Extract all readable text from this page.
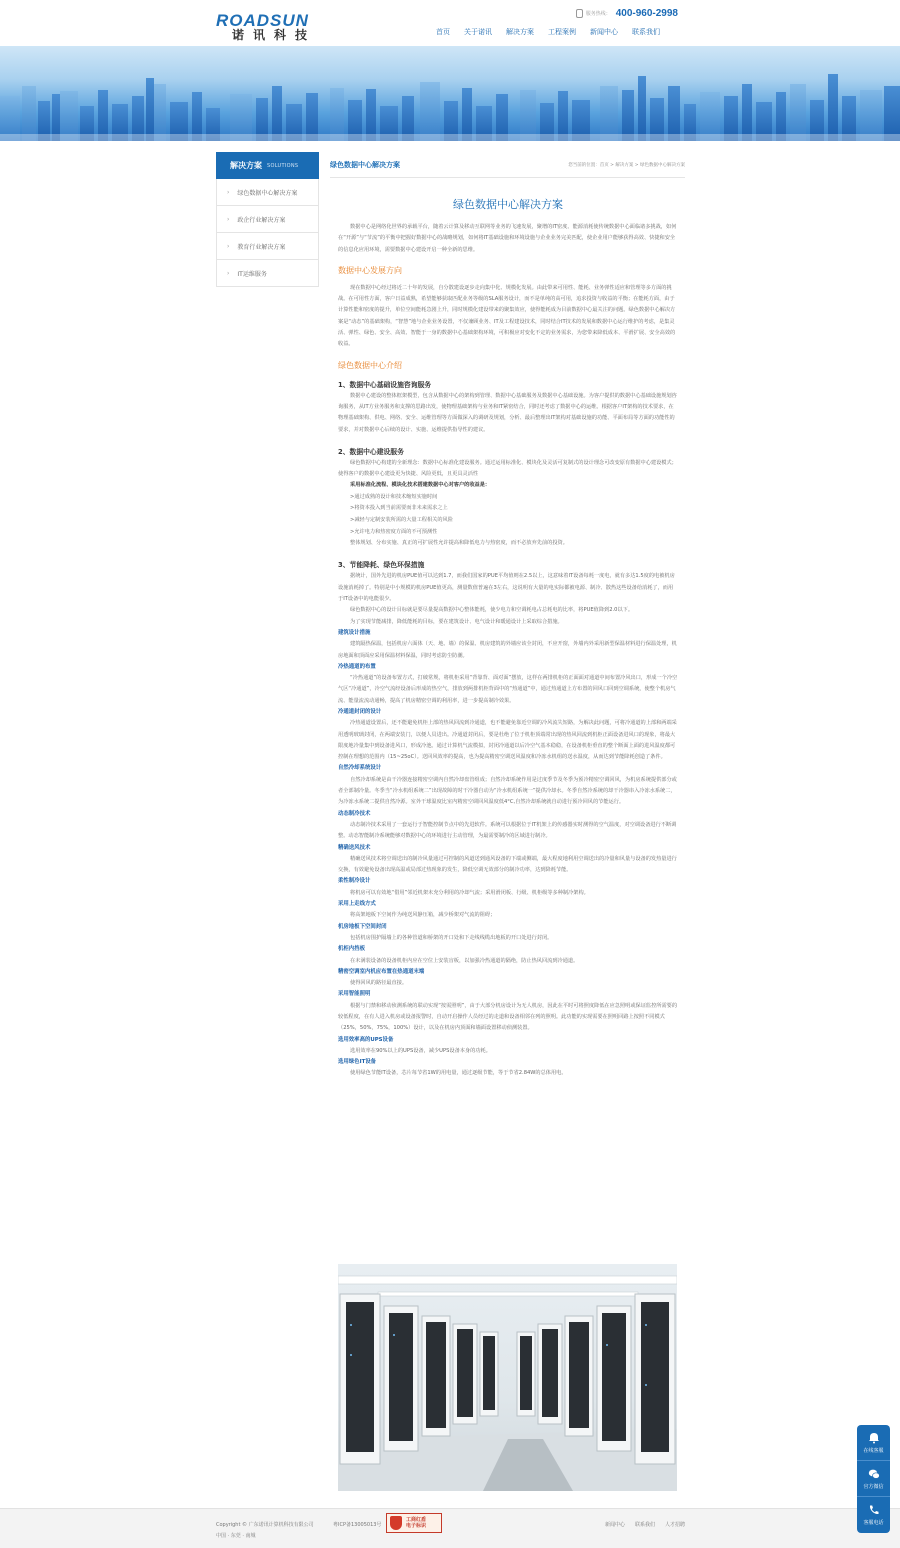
ROADSUN
诺讯科技
服务热线： 400-960-2998
首页 关于诺讯 解决方案 工程案例 新闻中心 联系我们
解决方案 SOLUTIONS
› 绿色数据中心解决方案
› 政企行业解决方案
› 教育行业解决方案
› IT运维服务
绿色数据中心解决方案	您当前的位置：首页 > 解决方案 > 绿色数据中心解决方案
绿色数据中心解决方案
数据中心是网络化世界的承载平台，随着云计算及移动互联网等业务的飞速发展，聚增的IT密度、能源消耗使传统数据中心面临诸多挑战，如何在“开源”与“节流”的平衡中把握好数据中心的战略规划，如何将IT基础设施和环境设施与企业业务完美匹配，使企业用户能够获得高效、快捷和安全的信息化应用环境，需要数据中心建设开启一种全新的思维。
数据中心发展方向
现在数据中心经过将近二十年的发展，自分散建设逐步走向集中化、规模化发展。由此带来可用性、能耗、业务弹性适应和管理等多方面的挑战。在可用性方面，客户日益成熟，希望能够获取匹配业务等级的SLA服务设计，而不是单纯的高可用，追求投资与收益的平衡；在能耗方面，由于计算性能和密度的提升，单位空间能耗急剧上升，同时规模化建设带来的聚集效应，使得能耗成为目前数据中心最关注的问题。绿色数据中心解决方案是“动态”的基础架构，“智慧”地与企业业务设置，不仅兼顾业务、IT及工程建设技术，同时结合IT技术的发展和数据中心运行维护的考虑，是集灵活、弹性、绿色、安全、高效、智能于一身的数据中心基础架构环境，可积极应对变化不定的业务需求，为您带来降低成本、平滑扩展、安全高效的收益。
绿色数据中心介绍
1、数据中心基础设施咨询服务
数据中心建设的整体框架模型，包含从数据中心的架构到管理、数据中心基础服务及数据中心基础设施。为客户提供的数据中心基础设施规划咨询服务，从IT方业务服务和支撑的思路出发，使物理基础架构与业务和IT紧密结合，同时还考虑了数据中心的运维。根据客户IT架构的技术要求，在物理基础架构、供电、网络、安全、运维管理等方面做深入的调研及规划，分析、最后整理出IT架构对基础设施的功能、平面布局等方面的功能性的要求，并对数据中心后续的设计、实施、运维提供指导性的建议。
2、数据中心建设服务
绿色数据中心构建的全新理念：数据中心标准化建设服务。通过运用标准化、模块化及灵活可复制式的设计理念可改变原有数据中心建设模式；使得客户的数据中心建设更为快捷、风险更低，且更具灵活性
采用标准化流程、模块化技术搭建数据中心对客户的收益是：
>通过成熟的设计和技术缩短实施时间
>将资本投入到当前需要而非未来需求之上
>减轻与定制安装所需的大量工程相关的风险
>允许电力和热密度方面的不可预测性
整体规划、分布实施、真正的可扩展性允许提高和降低电力与热密度，而不必放弃先前的投资。
3、节能降耗、绿色环保措施
据统计，国外先进的机房PUE值可以达到1.7，而我们国家的PUE平均值则在2.5以上，这意味着IT设备每耗一度电，就有多达1.5度的电被机房设施消耗掉了。特别是中小规模的机房PUE值更高，测量数值普遍在3左右，这说明有大量的电实际都被电源、制冷、散热这些设备给消耗了，而用于IT设备中的电能很少。
绿色数据中心的设计目标就是要尽量提高数据中心整体能耗，使少电力和空调耗电占总耗电的比率，将PUE值降到2.0以下。
为了实现节能减排，降低能耗的目标，要在建筑设计、电气设计和暖通设计上采取综合措施。
建筑设计措施
建筑隔热保温，包括机房六面体（天、地、墙）的保温、机房建筑的外墙应该全封闭，不应开窗，外墙内外采用新型保温材料进行保温处理，机房地面和顶面应采用保温材料保温，同时考虑防尘防潮。
冷热通道的布置
“冷热通道”的设备布置方式，打破常规，将机柜采用“背靠背、面对面”摆放，这样在两排机柜的正面面对通道中间布置冷风出口，形成一个冷空气区“冷通道”，冷空气流经设备后形成的热空气，排放到两排机柜背面中的“热通道”中，通过热通道上方布置的回风口回到空调系统，使整个机房气流、能量流流动通畅，提高了机房精密空调的利用率，进一步提高制冷效果。
冷通道封闭的设计
冷热通道设置后，还不能避免机柜上部的热风回流到冷通道，也不能避免靠近空调的冷风流失短路，为解决此问题，可将冷通道的上部和两端采用透明玻璃封闭，在两端安装门，以便人员进出。冷通道封闭后，要是杜绝了位于机柜顶端常出现的热风回流到机柜正面设备进风口的现象，将最大限度地冷量集中到设备进风口，形成冷池。通过计算机气流模拟，封闭冷通道以后冷空气基本稳稳，在设备机柜垂直的整个断面上面的进风温度都可控制在理想的范围内（15~25oC）。送回风效率的提高，也为提高精密空调送风温度和冷冻水机组的送水温度，从而达到节能降耗创造了条件。
自然冷却系统设计
自然冷却系统是由干冷器连接精密空调内自然冷却盘管组成；自然冷却系统作用是过度季节及冬季为预冷精密空调回风，为机房系统提供部分或者全部制冷量。冬季当“冷水机组系统二”出现故障的时干冷器自动为“冷水机组系统一”提供冷却水。冬季自然冷系统的却干冷器串入冷冻水系统二，为冷冻水系统二提供自然冷源。室外干球温度比室内精密空调回风温度低4°C,自然冷却系统就自动进行预冷回风的节能运行。
动态制冷技术
动态制冷技术采用了一套运行于智能控制节点中的先进软件。系统可以根据位于IT机架上的传感器实时测得的空气温度，对空调设备进行不断调整。动态智能制冷系统能够对数据中心的环境进行主动管理，为最需要制冷的区域进行制冷。
精确送风技术
精确送风技术将空调送出的制冷风量通过可控制的风道送到通风设备的下端或侧端，最大程度地利用空调送出的冷量和风量与设备的发热量进行交换，有效避免设备出现高温或局部过热现象的发生，降低空调无效部分的制冷功率，达到降耗节能。
柔性制冷设计
将机房可以有效地“借用”邻近机架未充分利用的冷却气流；采用滑闭板、行级、机柜级等多种制冷架构。
采用上走线方式
将高架地板下空间作为纯送风静压箱，减少桥架对气流的阻碍；
机房地板下空间封闭
包括机房围护隔墙上的各种管道和桥架的开口处和下走线线缆出地板的开口处进行封闭。
机柜内挡板
在未满装设备的设备机柜内应在空位上安装盲板，以加强冷热通道的隔绝，防止热风回流到冷通道。
精密空调室内机应布置在热通道末端
使得回风的路径最直接。
采用智能照明
根据与门禁和移动侦测系统的联动实现“按需照明”，由于大部分机房设计为无人机房，因此在平时可将照度降低在应急照明或保证监控所需要的较低程度，在有人进入机房或设备报警时，自动开启操作人员经过的走道和设备相邻在列的照明。此功能的实现需要在照明回路上按照不同模式（25%，50%，75%，100%）设计，以及在机房内顶面和墙面设置移动侦测装置。
选用效率高的UPS设备
选用效率在90%以上的UPS设备，减少UPS设备本身的功耗。
选用绿色IT设备
使用绿色节能IT设备，芯片每节省1W的用电量，通过逐级节能，等于节省2.84W的总体用电。
Copyright © 广东诺讯计算机科技有限公司	粤ICP备13005013号
工商红盾
电子标识
中国 · 东莞 · 南城
新闻中心 联系我们 人才招聘
在线客服
官方微信
客服电话
